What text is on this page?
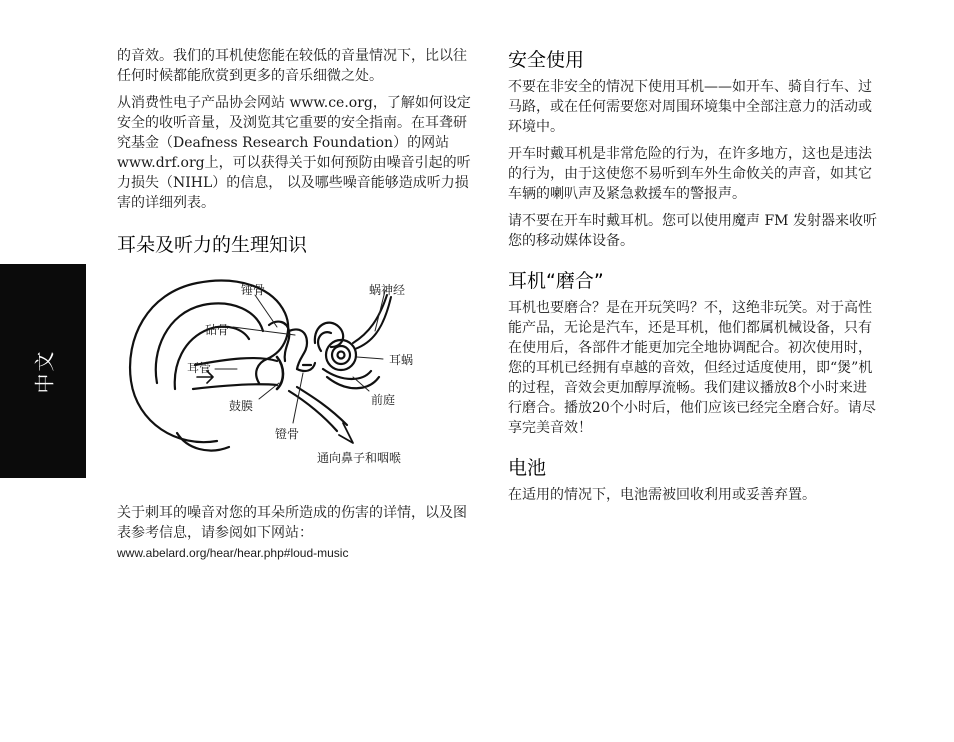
中文

的音效。我们的耳机使您能在较低的音量情况下，比以往任何时候都能欣赏到更多的音乐细微之处。

从消费性电子产品协会网站 www.ce.org，了解如何设定安全的收听音量，及浏览其它重要的安全指南。在耳聋研究基金（Deafness Research Foundation）的网站www.drf.org上，可以获得关于如何预防由噪音引起的听力损失（NIHL）的信息， 以及哪些噪音能够造成听力损害的详细列表。

耳朵及听力的生理知识
锤骨	蜗神经
砧骨
耳管
耳蜗
前庭
鼓膜
镫骨
通向鼻子和咽喉

关于刺耳的噪音对您的耳朵所造成的伤害的详情，以及图表参考信息，请参阅如下网站：www.abelard.org/hear/hear.php#loud-music

安全使用

不要在非安全的情况下使用耳机——如开车、骑自行车、过马路，或在任何需要您对周围环境集中全部注意力的活动或环境中。

开车时戴耳机是非常危险的行为，在许多地方，这也是违法的行为，由于这使您不易听到车外生命攸关的声音，如其它车辆的喇叭声及紧急救援车的警报声。

请不要在开车时戴耳机。您可以使用魔声 FM 发射器来收听您的移动媒体设备。

耳机“磨合”

耳机也要磨合？是在开玩笑吗？不，这绝非玩笑。对于高性能产品，无论是汽车，还是耳机，他们都属机械设备，只有在使用后，各部件才能更加完全地协调配合。初次使用时，您的耳机已经拥有卓越的音效，但经过适度使用，即“煲”机的过程，音效会更加醇厚流畅。我们建议播放8个小时来进行磨合。播放20个小时后，他们应该已经完全磨合好。请尽享完美音效！

电池

在适用的情况下，电池需被回收利用或妥善弃置。
